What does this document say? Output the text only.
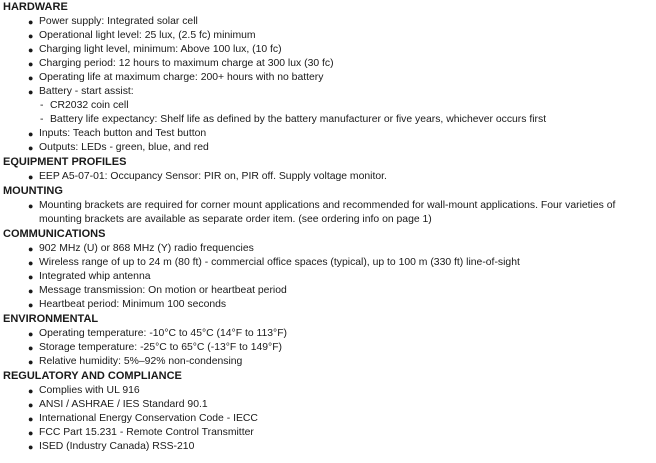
HARDWARE
● Power supply: Integrated solar cell
● Operational light level: 25 lux, (2.5 fc) minimum
● Charging light level, minimum: Above 100 lux, (10 fc)
● Charging period: 12 hours to maximum charge at 300 lux (30 fc)
● Operating life at maximum charge: 200+ hours with no battery
● Battery - start assist:
- CR2032 coin cell
- Battery life expectancy: Shelf life as defined by the battery manufacturer or five years, whichever occurs first
● Inputs: Teach button and Test button
● Outputs: LEDs - green, blue, and red
EQUIPMENT PROFILES
● EEP A5-07-01: Occupancy Sensor: PIR on, PIR off. Supply voltage monitor.
MOUNTING
● Mounting brackets are required for corner mount applications and recommended for wall-mount applications. Four varieties of mounting brackets are available as separate order item. (see ordering info on page 1)
COMMUNICATIONS
● 902 MHz (U) or 868 MHz (Y) radio frequencies
● Wireless range of up to 24 m (80 ft) - commercial office spaces (typical), up to 100 m (330 ft) line-of-sight
● Integrated whip antenna
● Message transmission: On motion or heartbeat period
● Heartbeat period: Minimum 100 seconds
ENVIRONMENTAL
● Operating temperature: -10°C to 45°C (14°F to 113°F)
● Storage temperature: -25°C to 65°C (-13°F to 149°F)
● Relative humidity: 5%–92% non-condensing
REGULATORY AND COMPLIANCE
● Complies with UL 916
● ANSI / ASHRAE / IES Standard 90.1
● International Energy Conservation Code - IECC
● FCC Part 15.231 - Remote Control Transmitter
● ISED (Industry Canada) RSS-210
